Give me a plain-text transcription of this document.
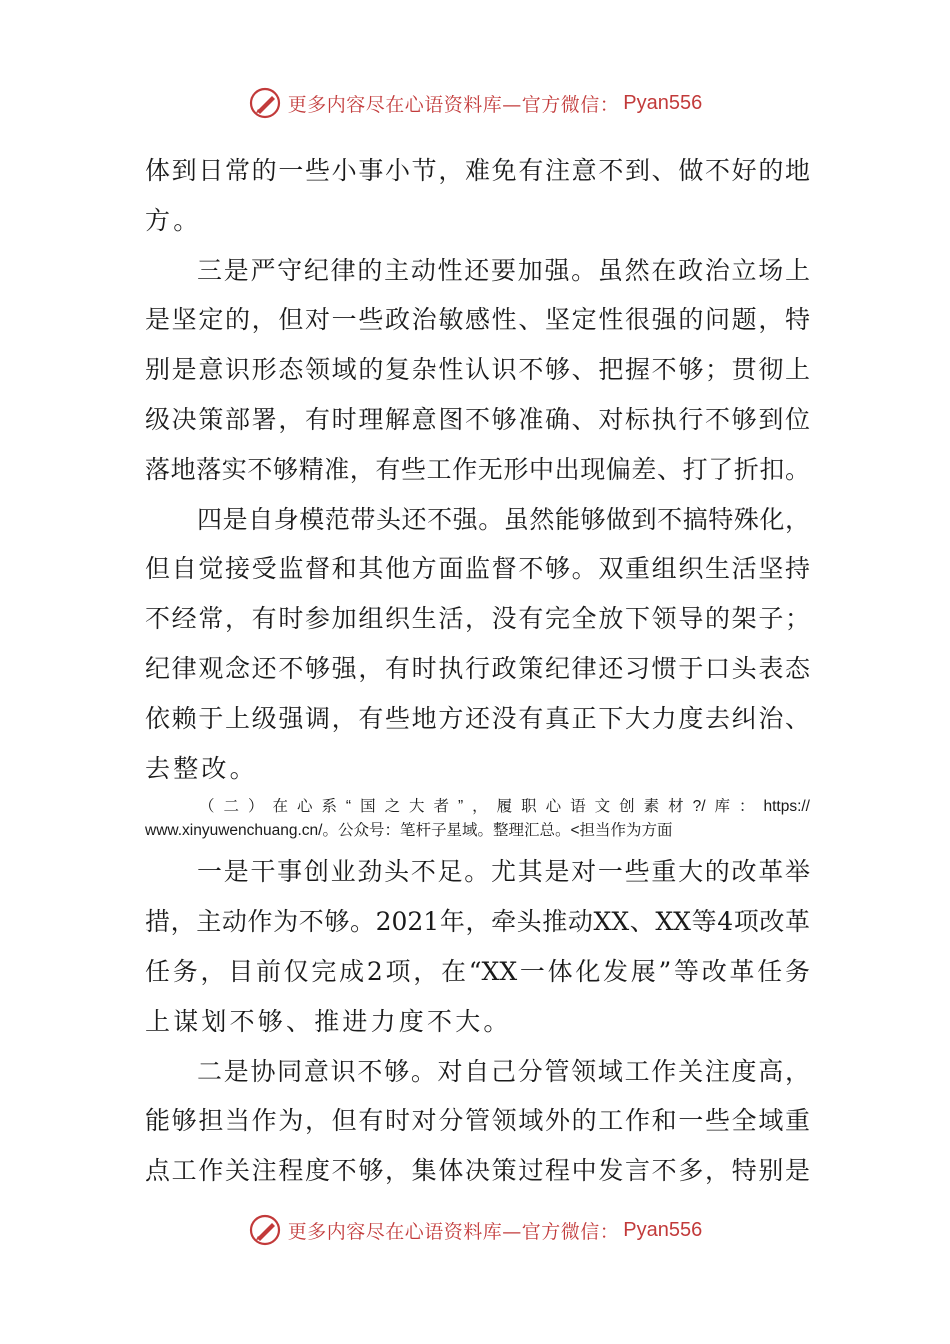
更多内容尽在心语资料库—官方微信： Pyan556
体到日常的一些小事小节，难免有注意不到、做不好的地
方。
三是严守纪律的主动性还要加强。虽然在政治立场上
是坚定的，但对一些政治敏感性、坚定性很强的问题，特
别是意识形态领域的复杂性认识不够、把握不够；贯彻上
级决策部署，有时理解意图不够准确、对标执行不够到位
落地落实不够精准，有些工作无形中出现偏差、打了折扣。
四是自身模范带头还不强。虽然能够做到不搞特殊化，
但自觉接受监督和其他方面监督不够。双重组织生活坚持
不经常，有时参加组织生活，没有完全放下领导的架子；
纪律观念还不够强，有时执行政策纪律还习惯于口头表态
依赖于上级强调，有些地方还没有真正下大力度去纠治、
去整改。
（二）在心系“国之大者”，履职心语文创素材?/库：https://
www.xinyuwenchuang.cn/。公众号：笔杆子星域。整理汇总。<担当作为方面
一是干事创业劲头不足。尤其是对一些重大的改革举
措，主动作为不够。2021年，牵头推动XX、XX等4项改革
任务，目前仅完成2项，在“XX一体化发展”等改革任务
上谋划不够、推进力度不大。
二是协同意识不够。对自己分管领域工作关注度高，
能够担当作为，但有时对分管领域外的工作和一些全域重
点工作关注程度不够，集体决策过程中发言不多，特别是
更多内容尽在心语资料库—官方微信： Pyan556
